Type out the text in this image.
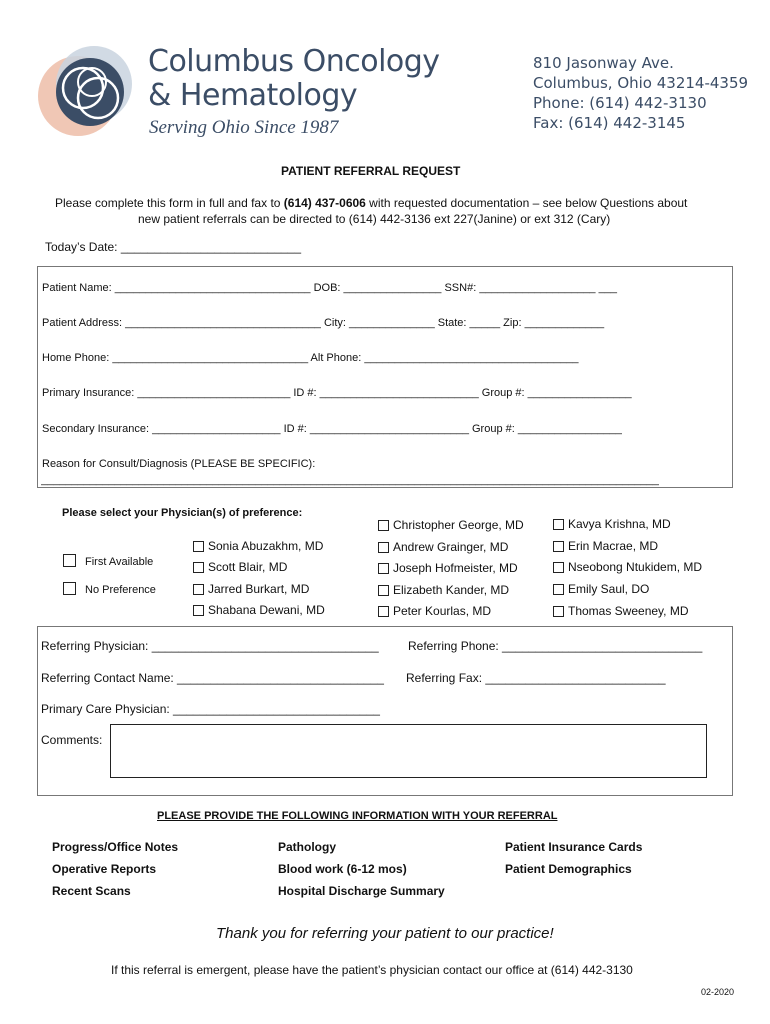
Columbus Oncology
& Hematology
Serving Ohio Since 1987
810 Jasonway Ave.
Columbus, Ohio 43214-4359
Phone: (614) 442-3130
Fax: (614) 442-3145
PATIENT REFERRAL REQUEST
Please complete this form in full and fax to (614) 437-0606 with requested documentation – see below Questions about
new patient referrals can be directed to (614) 442-3136 ext 227(Janine) or ext 312 (Cary)
Today’s Date: ___________________________
Patient Name: ________________________________ DOB: ________________ SSN#: ___________________ ___
Patient Address: ________________________________ City: ______________ State: _____ Zip: _____________
Home Phone: ________________________________ Alt Phone: ___________________________________
Primary Insurance: _________________________ ID #: __________________________ Group #: _________________
Secondary Insurance: _____________________ ID #: __________________________ Group #: _________________
Reason for Consult/Diagnosis (PLEASE BE SPECIFIC):
_____________________________________________________________________________________________________
Please select your Physician(s) of preference:
First Available
No Preference
Sonia Abuzakhm, MD
Scott Blair, MD
Jarred Burkart, MD
Shabana Dewani, MD
Christopher George, MD
Andrew Grainger, MD
Joseph Hofmeister, MD
Elizabeth Kander, MD
Peter Kourlas, MD
Kavya Krishna, MD
Erin Macrae, MD
Nseobong Ntukidem, MD
Emily Saul, DO
Thomas Sweeney, MD
Referring Physician: __________________________________ Referring Phone: ______________________________
Referring Contact Name: _______________________________ Referring Fax: ___________________________
Primary Care Physician: _______________________________
Comments:
PLEASE PROVIDE THE FOLLOWING INFORMATION WITH YOUR REFERRAL
Progress/Office Notes
Operative Reports
Recent Scans
Pathology
Blood work (6-12 mos)
Hospital Discharge Summary
Patient Insurance Cards
Patient Demographics
Thank you for referring your patient to our practice!
If this referral is emergent, please have the patient’s physician contact our office at (614) 442-3130
02-2020
